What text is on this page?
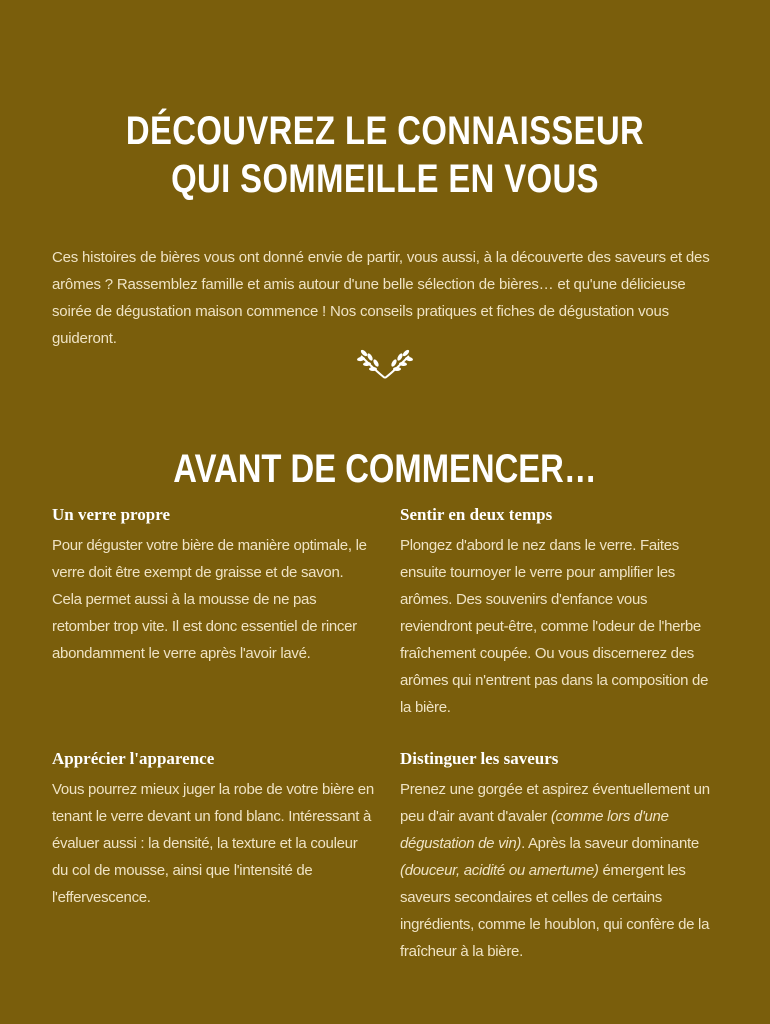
DÉCOUVREZ LE CONNAISSEUR
QUI SOMMEILLE EN VOUS

Ces histoires de bières vous ont donné envie de partir, vous aussi, à la découverte des saveurs et des arômes ? Rassemblez famille et amis autour d'une belle sélection de bières… et qu'une délicieuse soirée de dégustation maison commence ! Nos conseils pratiques et fiches de dégustation vous guideront.

AVANT DE COMMENCER…
Un verre propre

Pour déguster votre bière de manière optimale, le verre doit être exempt de graisse et de savon. Cela permet aussi à la mousse de ne pas retomber trop vite. Il est donc essentiel de rincer abondamment le verre après l'avoir lavé.

Sentir en deux temps

Plongez d'abord le nez dans le verre. Faites ensuite tournoyer le verre pour amplifier les arômes. Des souvenirs d'enfance vous reviendront peut-être, comme l'odeur de l'herbe fraîchement coupée. Ou vous discernerez des arômes qui n'entrent pas dans la composition de la bière.

Apprécier l'apparence

Vous pourrez mieux juger la robe de votre bière en tenant le verre devant un fond blanc. Intéressant à évaluer aussi : la densité, la texture et la couleur du col de mousse, ainsi que l'intensité de l'effervescence.

Distinguer les saveurs

Prenez une gorgée et aspirez éventuellement un peu d'air avant d'avaler (comme lors d'une dégustation de vin). Après la saveur dominante (douceur, acidité ou amertume) émergent les saveurs secondaires et celles de certains ingrédients, comme le houblon, qui confère de la fraîcheur à la bière.
